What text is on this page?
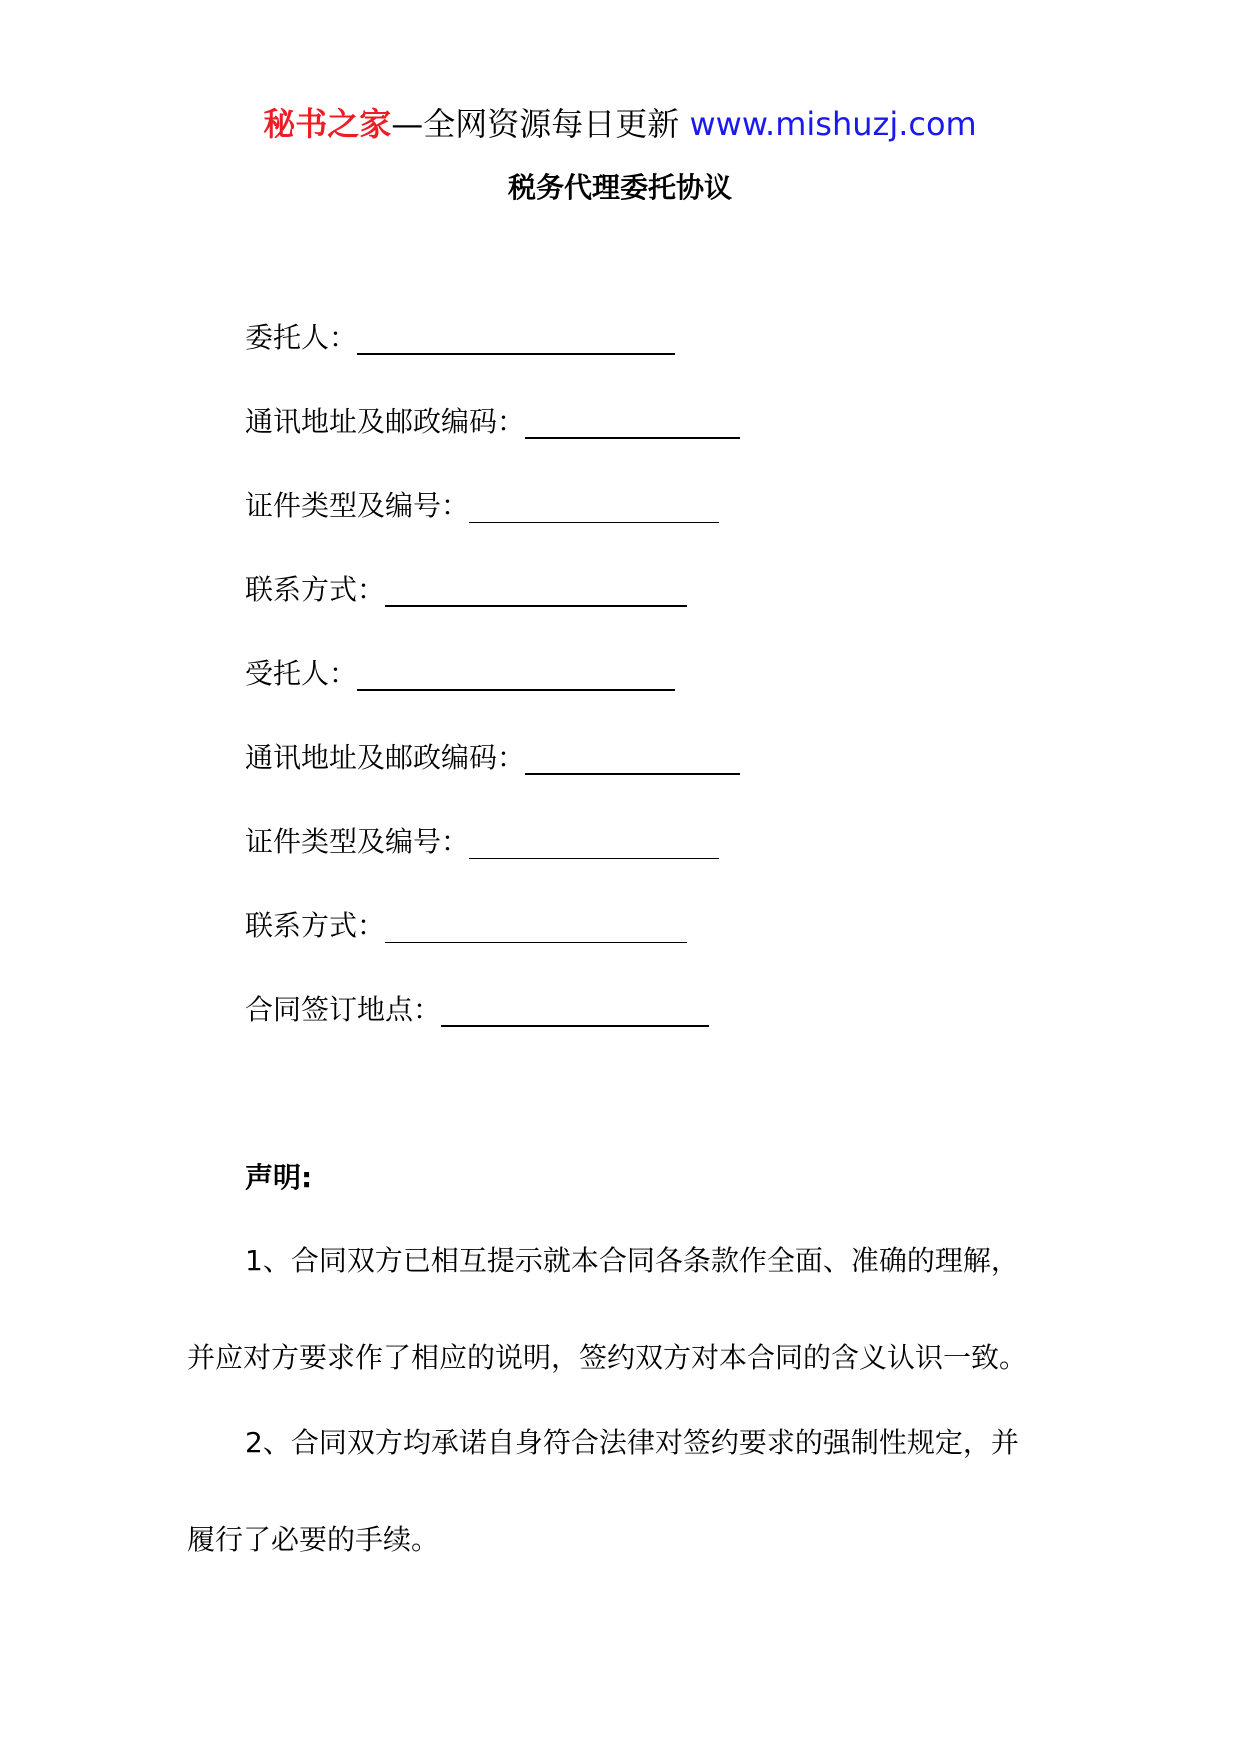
秘书之家—全网资源每日更新 www.mishuzj.com
税务代理委托协议
委托人：
通讯地址及邮政编码：
证件类型及编号：
联系方式：
受托人：
通讯地址及邮政编码：
证件类型及编号：
联系方式：
合同签订地点：
声明:
1、合同双方已相互提示就本合同各条款作全面、准确的理解，
并应对方要求作了相应的说明，签约双方对本合同的含义认识一致。
2、合同双方均承诺自身符合法律对签约要求的强制性规定，并
履行了必要的手续。
